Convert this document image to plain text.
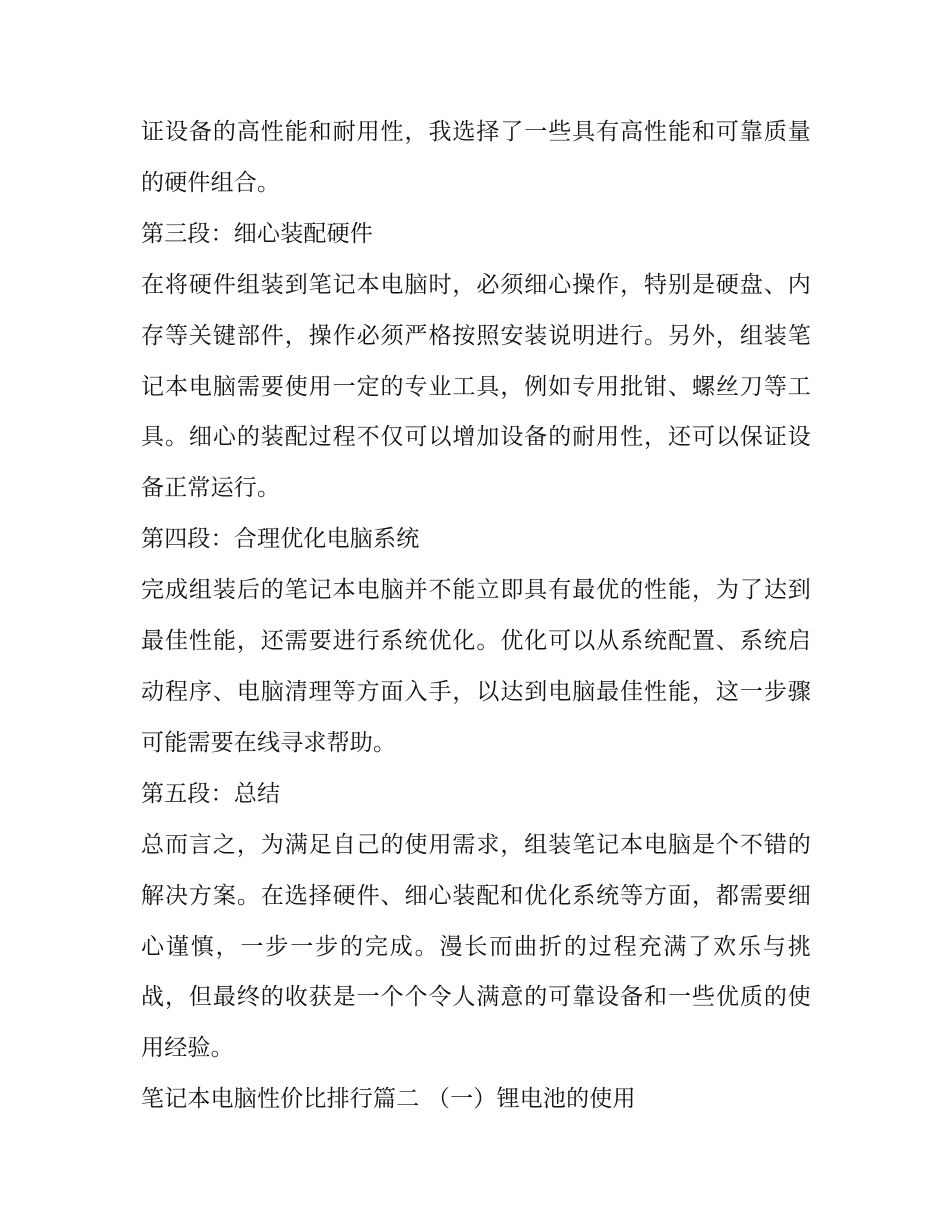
证设备的高性能和耐用性，我选择了一些具有高性能和可靠质量的硬件组合。

第三段：细心装配硬件

在将硬件组装到笔记本电脑时，必须细心操作，特别是硬盘、内存等关键部件，操作必须严格按照安装说明进行。另外，组装笔记本电脑需要使用一定的专业工具，例如专用批钳、螺丝刀等工具。细心的装配过程不仅可以增加设备的耐用性，还可以保证设备正常运行。

第四段：合理优化电脑系统

完成组装后的笔记本电脑并不能立即具有最优的性能，为了达到最佳性能，还需要进行系统优化。优化可以从系统配置、系统启动程序、电脑清理等方面入手，以达到电脑最佳性能，这一步骤可能需要在线寻求帮助。

第五段：总结

总而言之，为满足自己的使用需求，组装笔记本电脑是个不错的解决方案。在选择硬件、细心装配和优化系统等方面，都需要细心谨慎，一步一步的完成。漫长而曲折的过程充满了欢乐与挑战，但最终的收获是一个个令人满意的可靠设备和一些优质的使用经验。

笔记本电脑性价比排行篇二 （一）锂电池的使用
